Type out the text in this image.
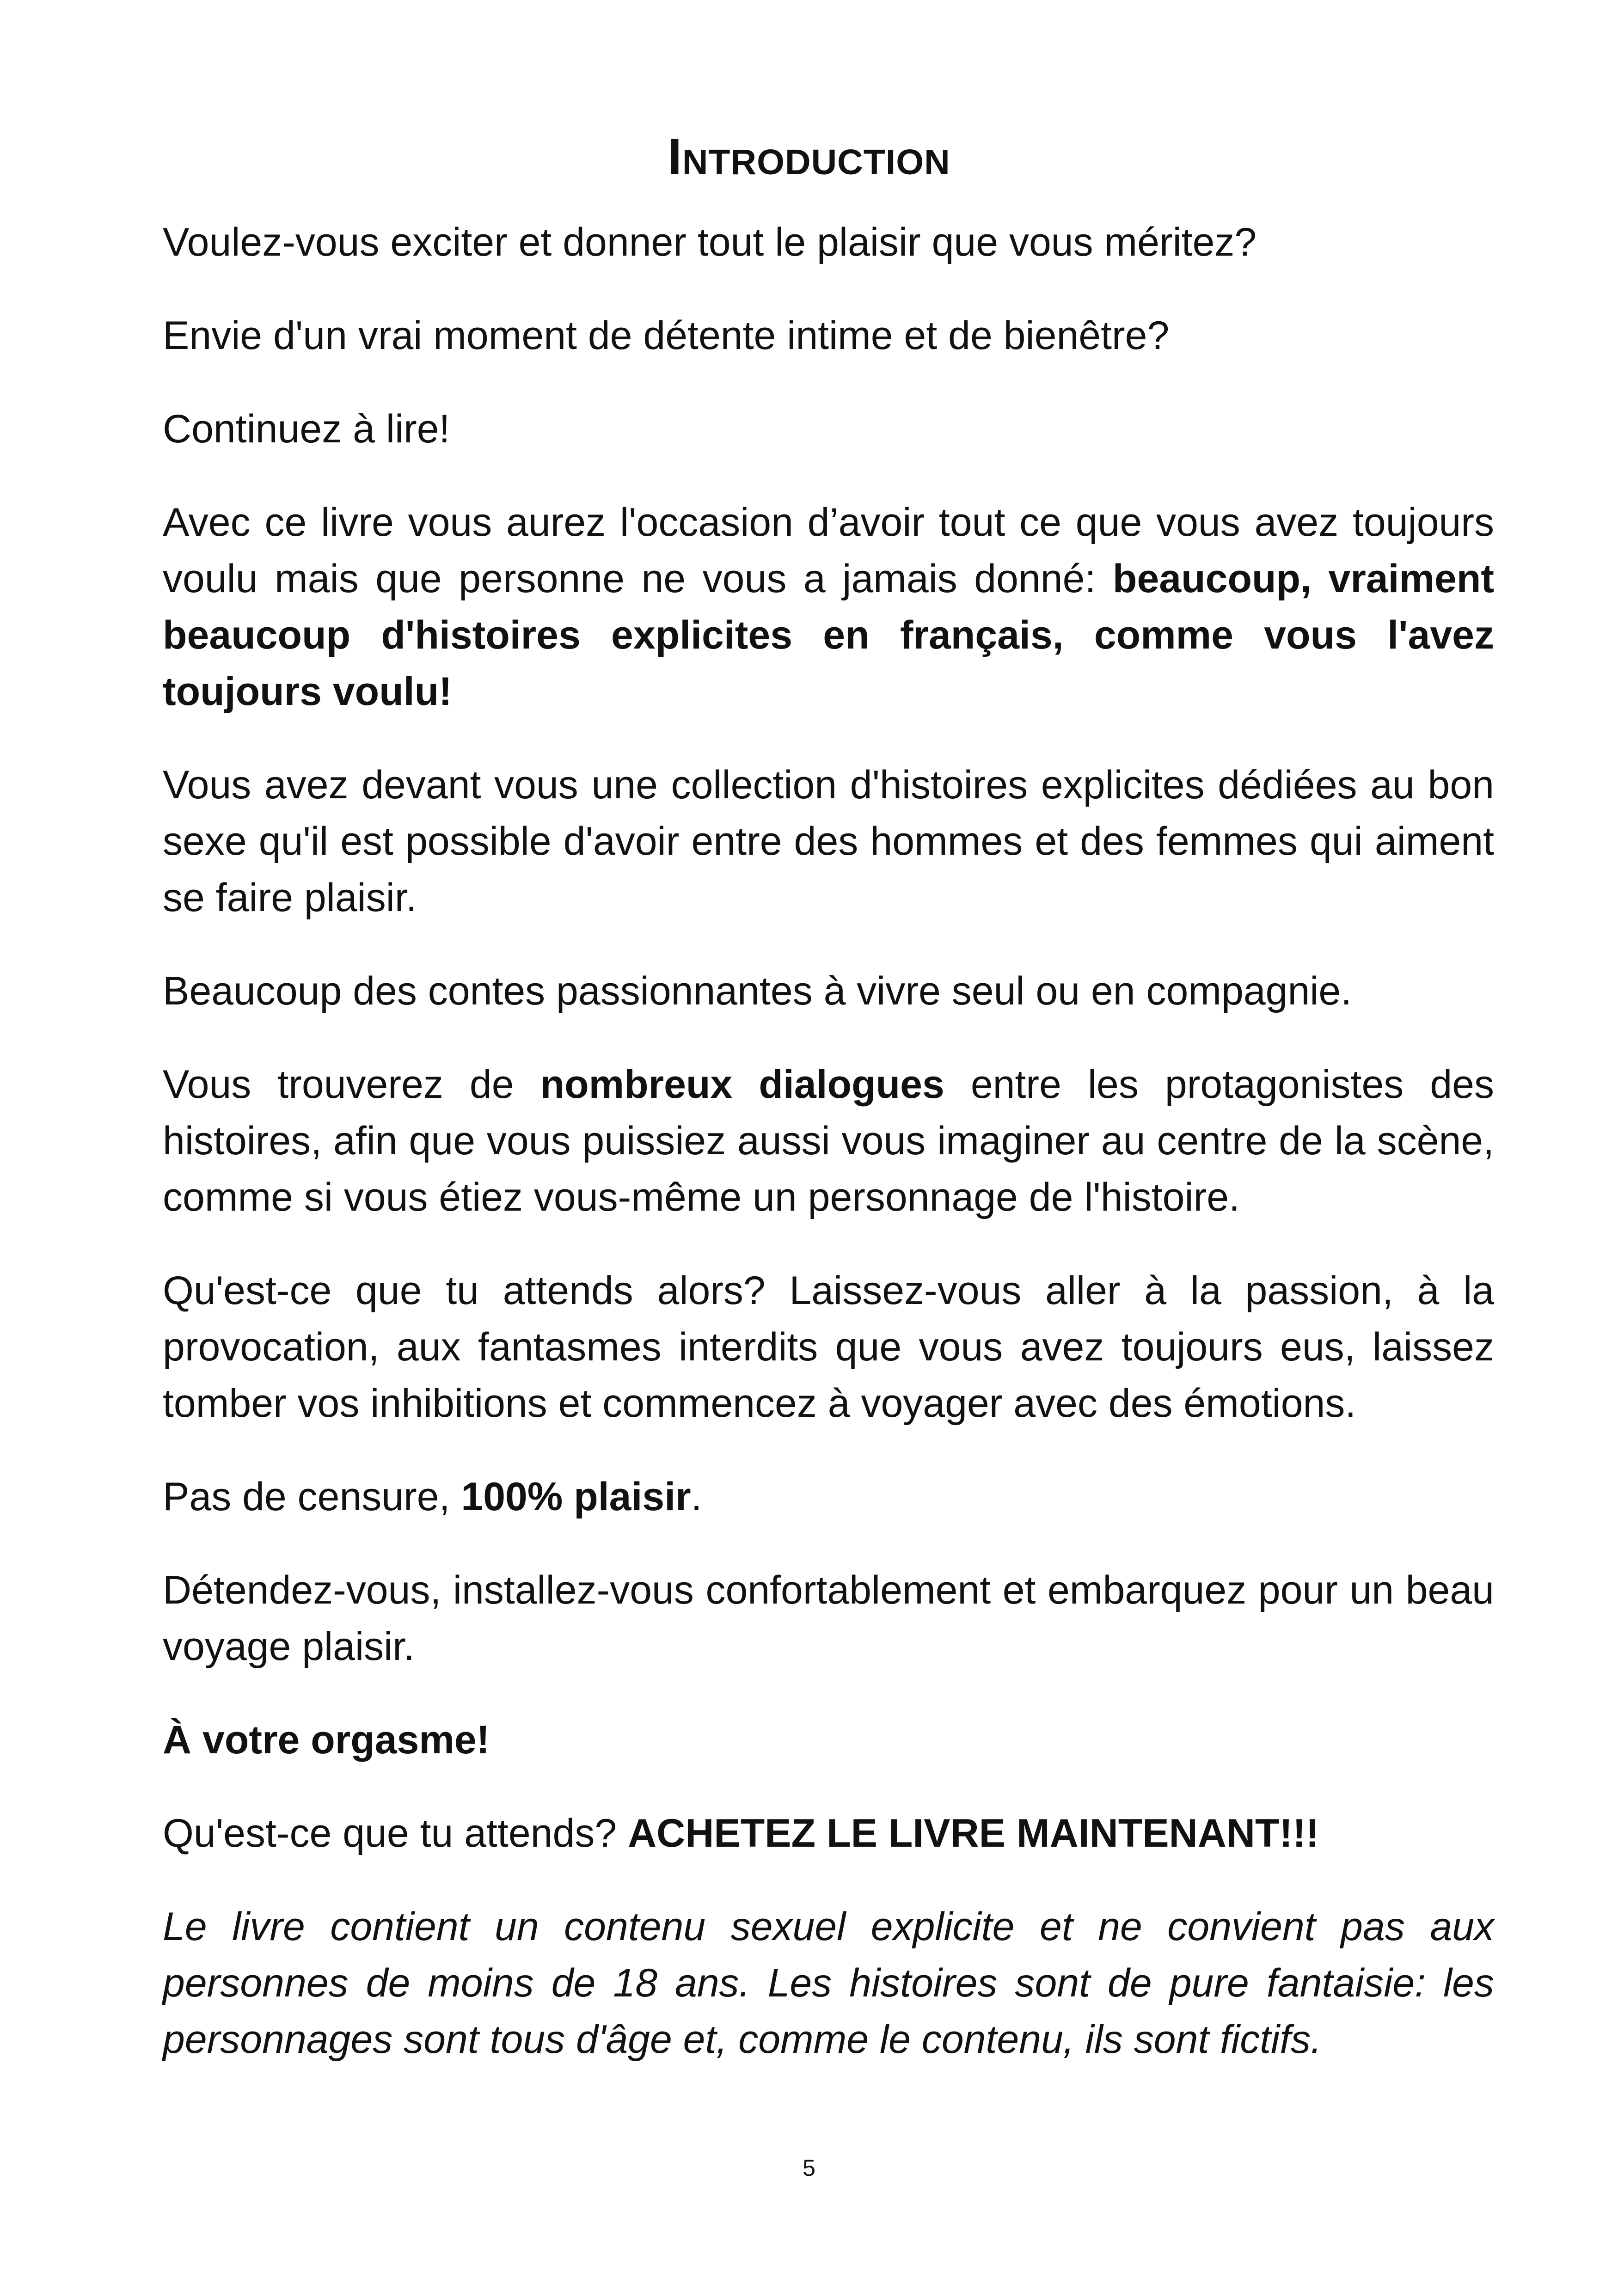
Introduction

Voulez-vous exciter et donner tout le plaisir que vous méritez?

Envie d'un vrai moment de détente intime et de bienêtre?

Continuez à lire!

Avec ce livre vous aurez l'occasion d’avoir tout ce que vous avez toujours voulu mais que personne ne vous a jamais donné: beaucoup, vraiment beaucoup d'histoires explicites en français, comme vous l'avez toujours voulu!

Vous avez devant vous une collection d'histoires explicites dédiées au bon sexe qu'il est possible d'avoir entre des hommes et des femmes qui aiment se faire plaisir.

Beaucoup des contes passionnantes à vivre seul ou en compagnie.

Vous trouverez de nombreux dialogues entre les protagonistes des histoires, afin que vous puissiez aussi vous imaginer au centre de la scène, comme si vous étiez vous-même un personnage de l'histoire.

Qu'est-ce que tu attends alors? Laissez-vous aller à la passion, à la provocation, aux fantasmes interdits que vous avez toujours eus, laissez tomber vos inhibitions et commencez à voyager avec des émotions.

Pas de censure, 100% plaisir.

Détendez-vous, installez-vous confortablement et embarquez pour un beau voyage plaisir.

À votre orgasme!

Qu'est-ce que tu attends? ACHETEZ LE LIVRE MAINTENANT!!!

Le livre contient un contenu sexuel explicite et ne convient pas aux personnes de moins de 18 ans. Les histoires sont de pure fantaisie: les personnages sont tous d'âge et, comme le contenu, ils sont fictifs.

5
